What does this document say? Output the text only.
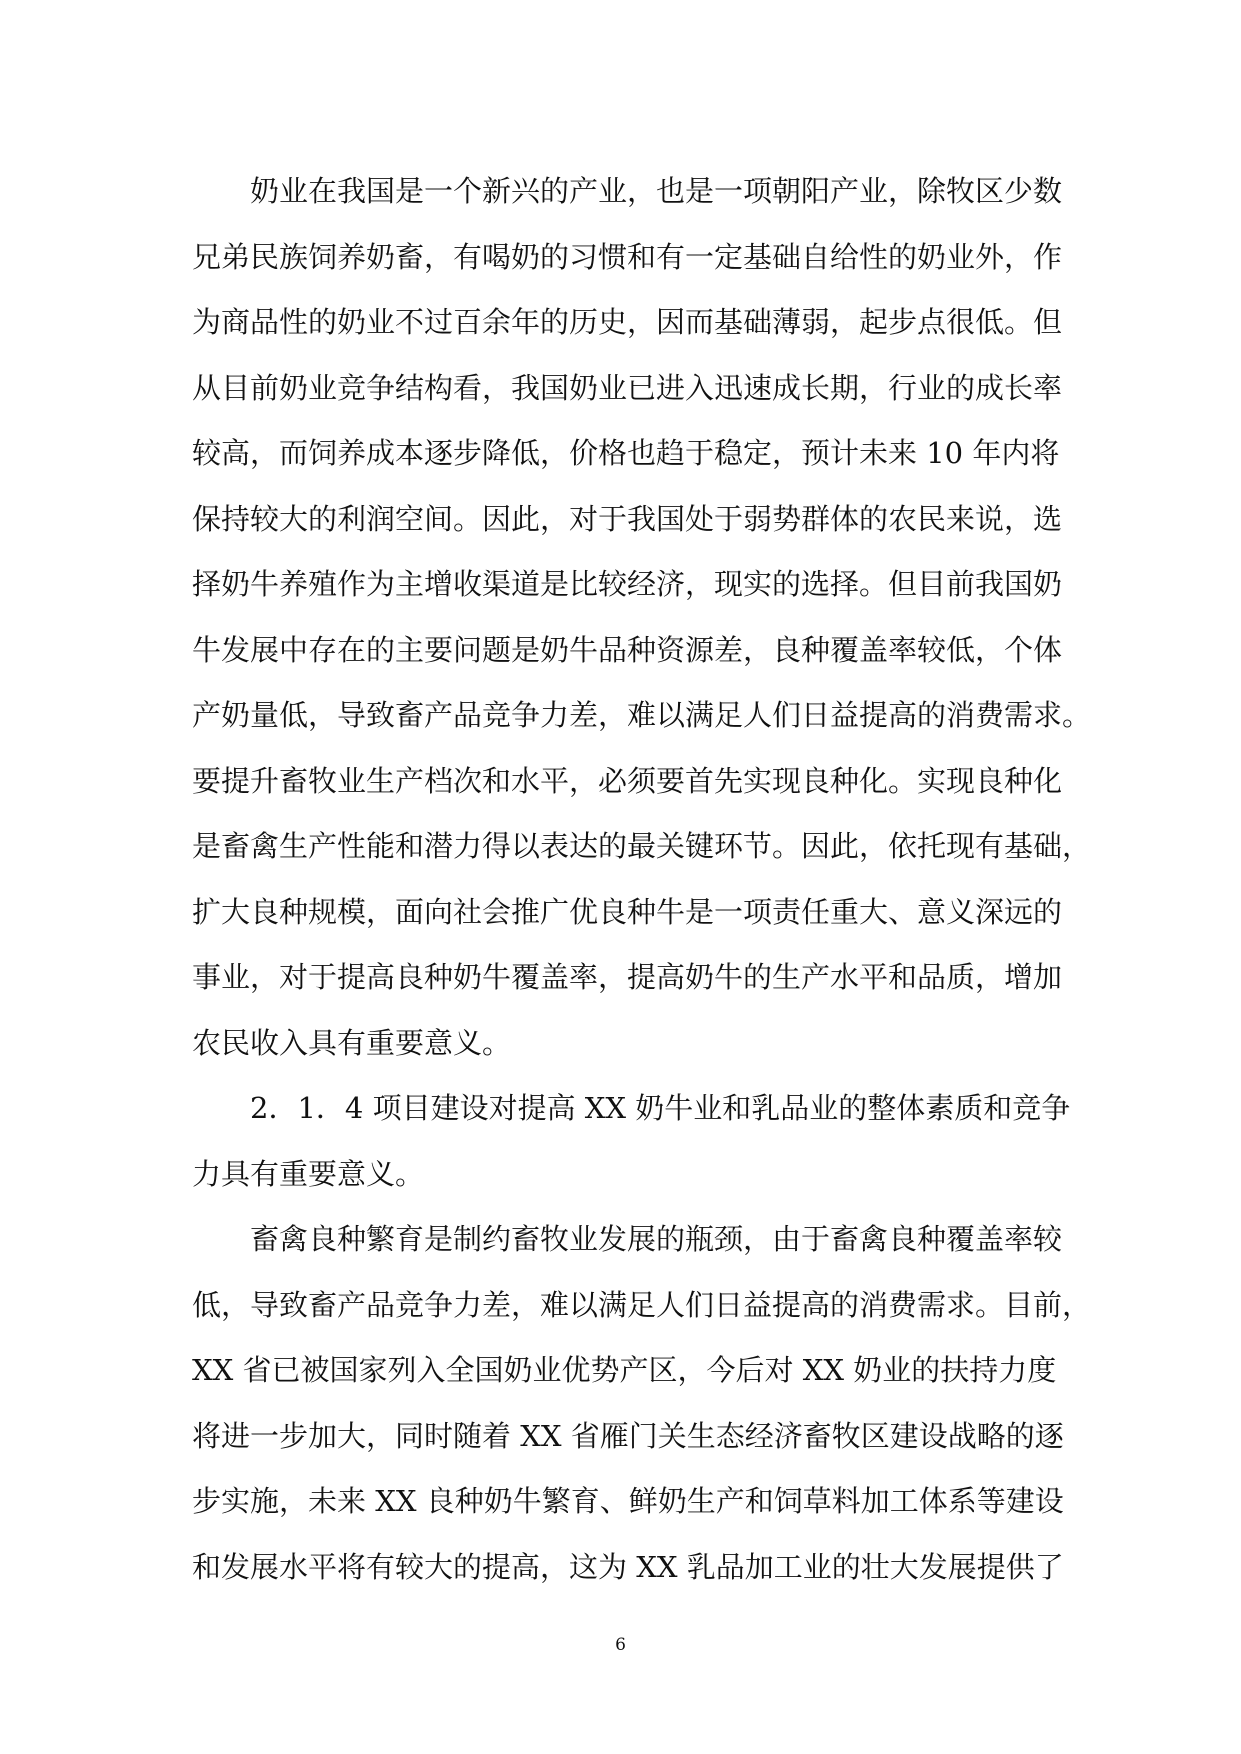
奶业在我国是一个新兴的产业，也是一项朝阳产业，除牧区少数
兄弟民族饲养奶畜，有喝奶的习惯和有一定基础自给性的奶业外，作
为商品性的奶业不过百余年的历史，因而基础薄弱，起步点很低。但
从目前奶业竞争结构看，我国奶业已进入迅速成长期，行业的成长率
较高，而饲养成本逐步降低，价格也趋于稳定，预计未来 10 年内将
保持较大的利润空间。因此，对于我国处于弱势群体的农民来说，选
择奶牛养殖作为主增收渠道是比较经济，现实的选择。但目前我国奶
牛发展中存在的主要问题是奶牛品种资源差，良种覆盖率较低，个体
产奶量低，导致畜产品竞争力差，难以满足人们日益提高的消费需求。
要提升畜牧业生产档次和水平，必须要首先实现良种化。实现良种化
是畜禽生产性能和潜力得以表达的最关键环节。因此，依托现有基础，
扩大良种规模，面向社会推广优良种牛是一项责任重大、意义深远的
事业，对于提高良种奶牛覆盖率，提高奶牛的生产水平和品质，增加
农民收入具有重要意义。
2．1．4 项目建设对提高 XX 奶牛业和乳品业的整体素质和竞争
力具有重要意义。
畜禽良种繁育是制约畜牧业发展的瓶颈，由于畜禽良种覆盖率较
低，导致畜产品竞争力差，难以满足人们日益提高的消费需求。目前，
XX 省已被国家列入全国奶业优势产区，今后对 XX 奶业的扶持力度
将进一步加大，同时随着 XX 省雁门关生态经济畜牧区建设战略的逐
步实施，未来 XX 良种奶牛繁育、鲜奶生产和饲草料加工体系等建设
和发展水平将有较大的提高，这为 XX 乳品加工业的壮大发展提供了
6
